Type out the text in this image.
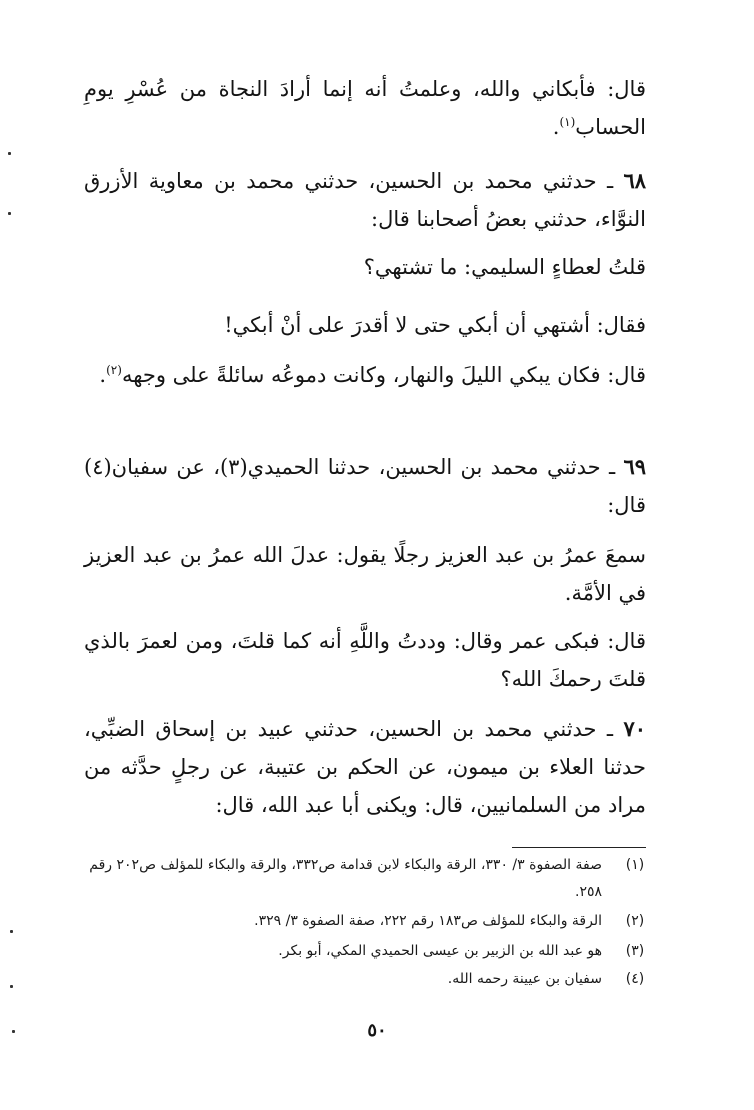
قال: فأبكاني والله، وعلمتُ أنه إنما أرادَ النجاة من عُسْرِ يومِ الحساب$^{(١)}$.

٦٨ ـ حدثني محمد بن الحسين، حدثني محمد بن معاوية الأزرق النوَّاء، حدثني بعضُ أصحابنا قال:

قلتُ لعطاءٍ السليمي: ما تشتهي؟

فقال: أشتهي أن أبكي حتى لا أقدرَ على أنْ أبكي!

قال: فكان يبكي الليلَ والنهار، وكانت دموعُه سائلةً على وجهه$^{(٢)}$.

٦٩ ـ حدثني محمد بن الحسين، حدثنا الحميدي(٣)، عن سفيان(٤) قال:

سمعَ عمرُ بن عبد العزيز رجلًا يقول: عدلَ الله عمرُ بن عبد العزيز في الأمَّة.

قال: فبكى عمر وقال: وددتُ واللَّهِ أنه كما قلتَ، ومن لعمرَ بالذي قلتَ رحمكَ الله؟

٧٠ ـ حدثني محمد بن الحسين، حدثني عبيد بن إسحاق الضبِّي، حدثنا العلاء بن ميمون، عن الحكم بن عتيبة، عن رجلٍ حدَّثه من مراد من السلمانيين، قال: ويكنى أبا عبد الله، قال:

(١)
صفة الصفوة ٣/ ٣٣٠، الرقة والبكاء لابن قدامة ص٣٣٢، والرقة والبكاء للمؤلف ص٢٠٢ رقم ٢٥٨.
(٢)
الرقة والبكاء للمؤلف ص١٨٣ رقم ٢٢٢، صفة الصفوة ٣/ ٣٢٩.
(٣)
هو عبد الله بن الزبير بن عيسى الحميدي المكي، أبو بكر.
(٤)
سفيان بن عيينة رحمه الله.
٥٠
